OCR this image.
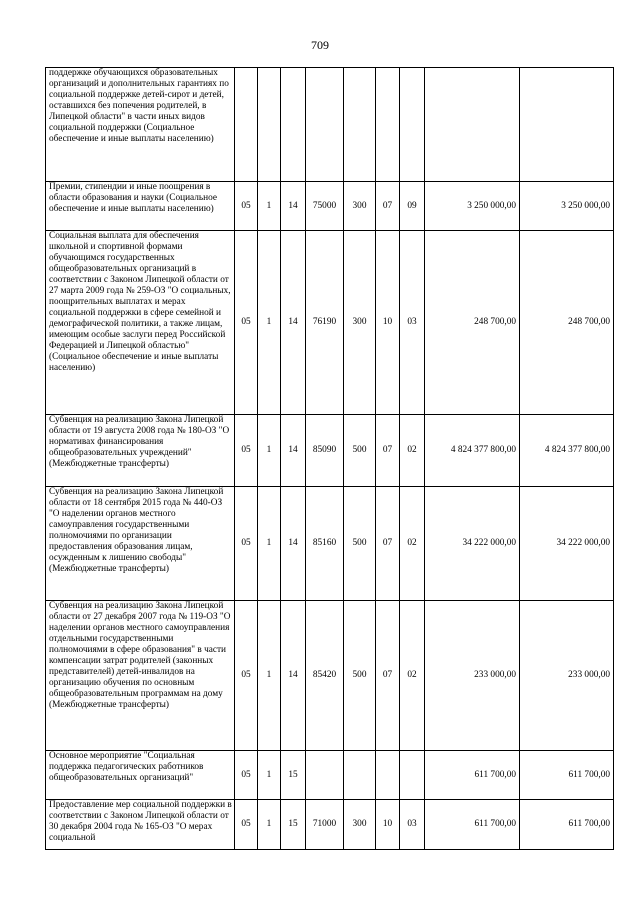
709
поддержке обучающихся образовательных организаций и дополнительных гарантиях по социальной поддержке детей-сирот и детей, оставшихся без попечения родителей, в Липецкой области" в части иных видов социальной поддержки (Социальное обеспечение и иные выплаты населению)									
Премии, стипендии и иные поощрения в области образования и науки (Социальное обеспечение и иные выплаты населению)	05	1	14	75000	300	07	09	3 250 000,00	3 250 000,00
Социальная выплата для обеспечения школьной и спортивной формами обучающимся государственных общеобразовательных организаций в соответствии с Законом Липецкой области от 27 марта 2009 года № 259-ОЗ "О социальных, поощрительных выплатах и мерах социальной поддержки в сфере семейной и демографической политики, а также лицам, имеющим особые заслуги перед Российской Федерацией и Липецкой областью" (Социальное обеспечение и иные выплаты населению)	05	1	14	76190	300	10	03	248 700,00	248 700,00
Субвенция на реализацию Закона Липецкой области от 19 августа 2008 года № 180-ОЗ "О нормативах финансирования общеобразовательных учреждений" (Межбюджетные трансферты)	05	1	14	85090	500	07	02	4 824 377 800,00	4 824 377 800,00
Субвенция на реализацию Закона Липецкой области от 18 сентября 2015 года № 440-ОЗ "О наделении органов местного самоуправления государственными полномочиями по организации предоставления образования лицам, осужденным к лишению свободы" (Межбюджетные трансферты)	05	1	14	85160	500	07	02	34 222 000,00	34 222 000,00
Субвенция на реализацию Закона Липецкой области от 27 декабря 2007 года № 119-ОЗ "О наделении органов местного самоуправления отдельными государственными полномочиями в сфере образования" в части компенсации затрат родителей (законных представителей) детей-инвалидов на организацию обучения по основным общеобразовательным программам на дому (Межбюджетные трансферты)	05	1	14	85420	500	07	02	233 000,00	233 000,00
Основное мероприятие "Социальная поддержка педагогических работников общеобразовательных организаций"	05	1	15					611 700,00	611 700,00
Предоставление мер социальной поддержки в соответствии с Законом Липецкой области от 30 декабря 2004 года № 165-ОЗ "О мерах социальной	05	1	15	71000	300	10	03	611 700,00	611 700,00
